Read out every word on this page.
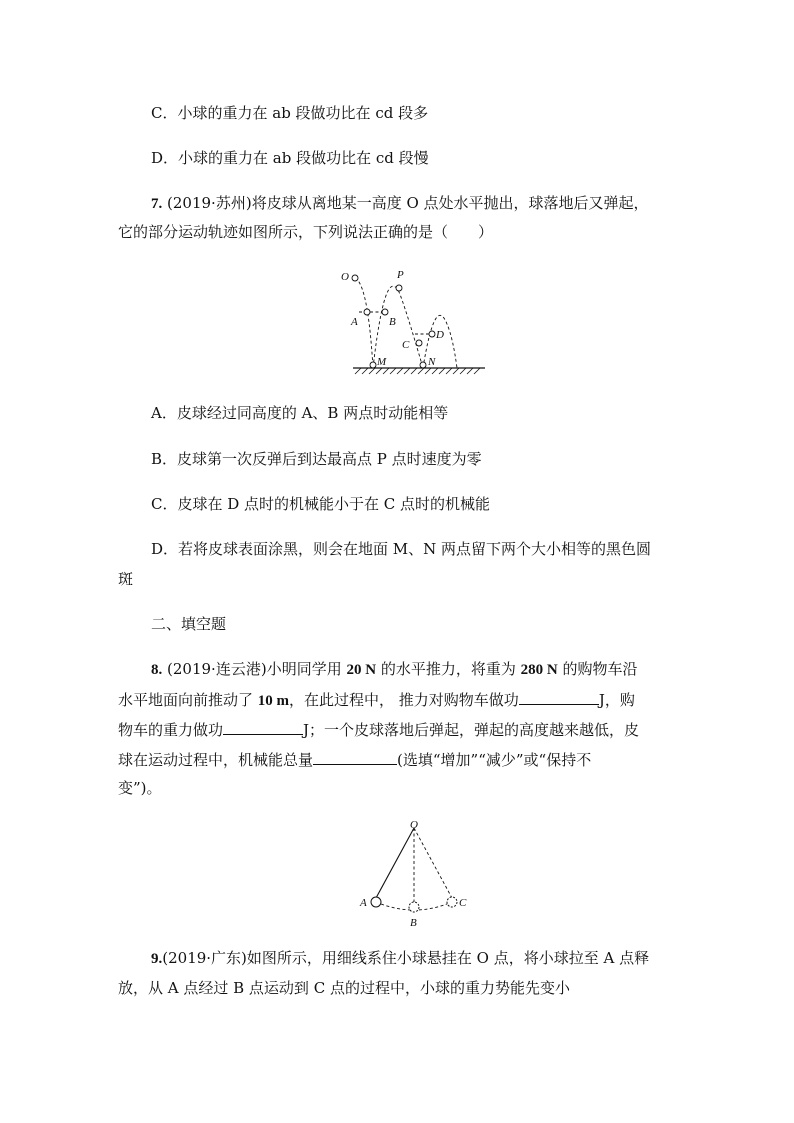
C．小球的重力在 ab 段做功比在 cd 段多
D．小球的重力在 ab 段做功比在 cd 段慢
7. (2019·苏州)将皮球从离地某一高度 O 点处水平抛出，球落地后又弹起，
它的部分运动轨迹如图所示，下列说法正确的是（　　）
O	P
A	B
C
D
M	N
A．皮球经过同高度的 A、B 两点时动能相等
B．皮球第一次反弹后到达最高点 P 点时速度为零
C．皮球在 D 点时的机械能小于在 C 点时的机械能
D．若将皮球表面涂黑，则会在地面 M、N 两点留下两个大小相等的黑色圆
斑
二、填空题
8. (2019·连云港)小明同学用 20 N 的水平推力，将重为 280 N 的购物车沿
水平地面向前推动了 10 m，在此过程中， 推力对购物车做功	J，购
物车的重力做功	J；一个皮球落地后弹起，弹起的高度越来越低，皮
球在运动过程中，机械能总量	(选填“增加”“减少”或“保持不
变”)。
O
A
B
C
9.(2019·广东)如图所示，用细线系住小球悬挂在 O 点，将小球拉至 A 点释
放，从 A 点经过 B 点运动到 C 点的过程中，小球的重力势能先变小
